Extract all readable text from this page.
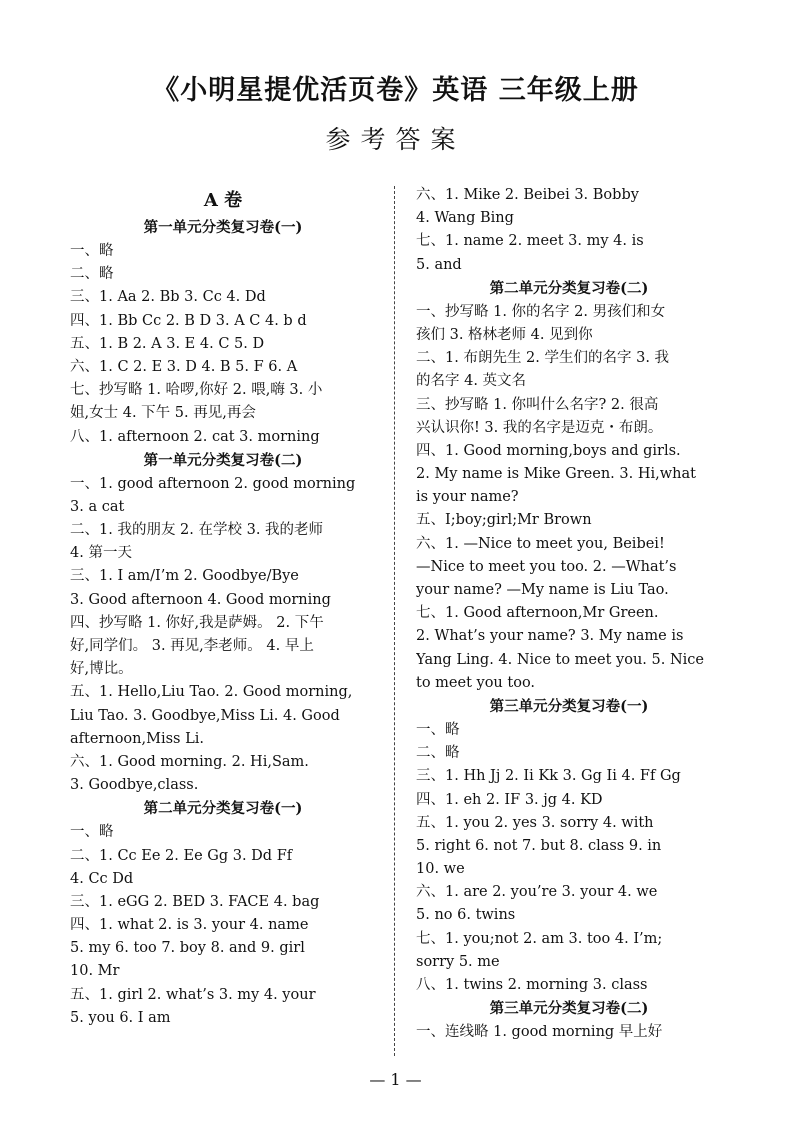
《小明星提优活页卷》英语 三年级上册
参考答案
A 卷
第一单元分类复习卷(一)
一、略
二、略
三、1. Aa 2. Bb 3. Cc 4. Dd
四、1. Bb Cc 2. B D 3. A C 4. b d
五、1. B 2. A 3. E 4. C 5. D
六、1. C 2. E 3. D 4. B 5. F 6. A
七、抄写略 1. 哈啰,你好 2. 喂,嗨 3. 小
姐,女士 4. 下午 5. 再见,再会
八、1. afternoon 2. cat 3. morning
第一单元分类复习卷(二)
一、1. good afternoon 2. good morning
3. a cat
二、1. 我的朋友 2. 在学校 3. 我的老师
4. 第一天
三、1. I am/I’m 2. Goodbye/Bye
3. Good afternoon 4. Good morning
四、抄写略 1. 你好,我是萨姆。 2. 下午
好,同学们。 3. 再见,李老师。 4. 早上
好,博比。
五、1. Hello,Liu Tao. 2. Good morning,
Liu Tao. 3. Goodbye,Miss Li. 4. Good
afternoon,Miss Li.
六、1. Good morning. 2. Hi,Sam.
3. Goodbye,class.
第二单元分类复习卷(一)
一、略
二、1. Cc Ee 2. Ee Gg 3. Dd Ff
4. Cc Dd
三、1. eGG 2. BED 3. FACE 4. bag
四、1. what 2. is 3. your 4. name
5. my 6. too 7. boy 8. and 9. girl
10. Mr
五、1. girl 2. what’s 3. my 4. your
5. you 6. I am
六、1. Mike 2. Beibei 3. Bobby
4. Wang Bing
七、1. name 2. meet 3. my 4. is
5. and
第二单元分类复习卷(二)
一、抄写略 1. 你的名字 2. 男孩们和女
孩们 3. 格林老师 4. 见到你
二、1. 布朗先生 2. 学生们的名字 3. 我
的名字 4. 英文名
三、抄写略 1. 你叫什么名字? 2. 很高
兴认识你! 3. 我的名字是迈克・布朗。
四、1. Good morning,boys and girls.
2. My name is Mike Green. 3. Hi,what
is your name?
五、I;boy;girl;Mr Brown
六、1. —Nice to meet you, Beibei!
—Nice to meet you too. 2. —What’s
your name? —My name is Liu Tao.
七、1. Good afternoon,Mr Green.
2. What’s your name? 3. My name is
Yang Ling. 4. Nice to meet you. 5. Nice
to meet you too.
第三单元分类复习卷(一)
一、略
二、略
三、1. Hh Jj 2. Ii Kk 3. Gg Ii 4. Ff Gg
四、1. eh 2. IF 3. jg 4. KD
五、1. you 2. yes 3. sorry 4. with
5. right 6. not 7. but 8. class 9. in
10. we
六、1. are 2. you’re 3. your 4. we
5. no 6. twins
七、1. you;not 2. am 3. too 4. I’m;
sorry 5. me
八、1. twins 2. morning 3. class
第三单元分类复习卷(二)
一、连线略 1. good morning 早上好
— 1 —
